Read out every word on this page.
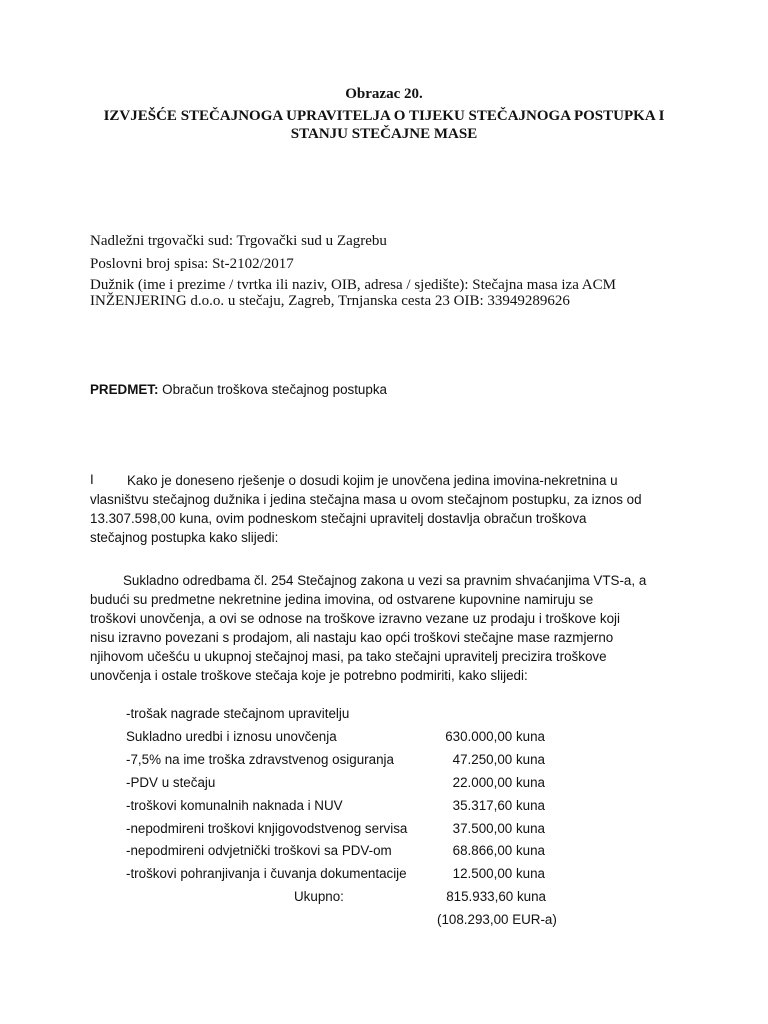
Obrazac 20.
IZVJEŠĆE STEČAJNOGA UPRAVITELJA O TIJEKU STEČAJNOGA POSTUPKA I
STANJU STEČAJNE MASE
Nadležni trgovački sud: Trgovački sud u Zagrebu
Poslovni broj spisa: St-2102/2017
Dužnik (ime i prezime / tvrtka ili naziv, OIB, adresa / sjedište): Stečajna masa iza ACM
INŽENJERING d.o.o. u stečaju, Zagreb, Trnjanska cesta 23 OIB: 33949289626
PREDMET: Obračun troškova stečajnog postupka
I Kako je doneseno rješenje o dosudi kojim je unovčena jedina imovina-nekretnina u
vlasništvu stečajnog dužnika i jedina stečajna masa u ovom stečajnom postupku, za iznos od
13.307.598,00 kuna, ovim podneskom stečajni upravitelj dostavlja obračun troškova
stečajnog postupka kako slijedi:
Sukladno odredbama čl. 254 Stečajnog zakona u vezi sa pravnim shvaćanjima VTS-a, a
budući su predmetne nekretnine jedina imovina, od ostvarene kupovnine namiruju se
troškovi unovčenja, a ovi se odnose na troškove izravno vezane uz prodaju i troškove koji
nisu izravno povezani s prodajom, ali nastaju kao opći troškovi stečajne mase razmjerno
njihovom učešću u ukupnoj stečajnoj masi, pa tako stečajni upravitelj precizira troškove
unovčenja i ostale troškove stečaja koje je potrebno podmiriti, kako slijedi:
-trošak nagrade stečajnom upravitelju
Sukladno uredbi i iznosu unovčenja	630.000,00 kuna
-7,5% na ime troška zdravstvenog osiguranja	47.250,00 kuna
-PDV u stečaju	22.000,00 kuna
-troškovi komunalnih naknada i NUV	35.317,60 kuna
-nepodmireni troškovi knjigovodstvenog servisa	37.500,00 kuna
-nepodmireni odvjetnički troškovi sa PDV-om	68.866,00 kuna
-troškovi pohranjivanja i čuvanja dokumentacije	12.500,00 kuna
Ukupno:	815.933,60 kuna
(108.293,00 EUR-a)
